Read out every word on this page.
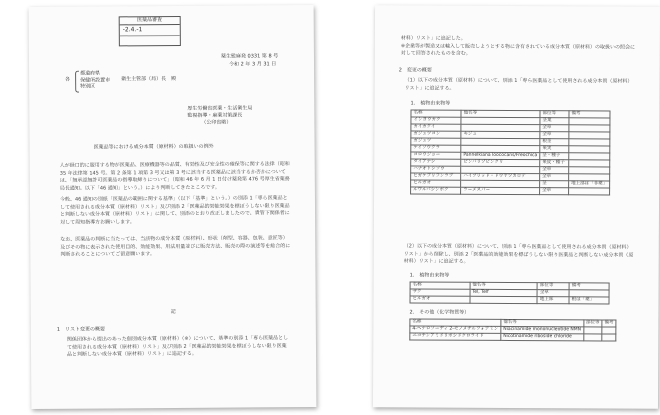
医薬品審査
-2.4.-1
薬生監麻発 0331 第 8 号
令和 2 年 3 月 31 日
各
都道府県
保健所設置市
特別区
衛生主管部（局）長　殿
厚生労働省医薬・生活衛生局
監視指導・麻薬対策課長
（公印省略）
医薬品等における成分本質（原材料）の取扱いの例外
人が経口的に服用する物が医薬品、医療機器等の品質、有効性及び安全性の確保等に関する法律（昭和 35 年法律第 145 号。第 2 条第 1 項第 3 号又は第 3 号に該当する医薬品に該当するか否かについては、「無承認無許可医薬品の指導取締りについて」（昭和 46 年 6 月 1 日付け薬発第 476 号厚生省薬務局長通知。以下「46 通知」という。）により判断してきたところです。
今般、46 通知の別紙「医薬品の範囲に関する基準」（以下「基準」という。）の別添 1「専ら医薬品として使用される成分本質（原材料）リスト」及び別添 2「医薬品的効能効果を標ぼうしない限り医薬品と判断しない成分本質（原材料）リスト」に関して、別添のとおり改正しましたので、貴管下関係者に対して周知指導方お願いします。
なお、医薬品の判断に当たっては、当該物の成分本質（原材料）、形状（剤型、容器、包装、意匠等）及びその物に表示された使用目的、効能効果、用法用量並びに販売方法、販売の際の演述等を総合的に判断されることについてご留意願います。
記
1　リスト変更の概要
関係団体から提出のあった個別成分本質（原材料）（※）について、基準の別添 1「専ら医薬品として使用される成分本質（原材料）リスト」及び別添 2「医薬品的効能効果を標ぼうしない限り医薬品と判断しない成分本質（原材料）リスト」に追記する。
材料）リスト」に追記した。
※企業等が製造又は輸入して販売しようとする物に含有されている成分本質（原材料）の取扱いの照会に対して回答されたものを含む。
2　変更の概要
（1）以下の成分本質（原材料）について、別添 1「専ら医薬品として使用される成分本質（原材料）リスト」に追記する。
1.　植物由来物等
名称	他名等	部位等	備考
インヨウカク		茎葉	
カイカクイ		全草	
ガジュツコン	キジュ	全草	
ガジュツ		根茎	
ケイソウクラ		果実	
コロウジョー	Pannelkiana loococans/Freochica	茎・種子	
ダイアナシ	ピンバリゾビンクリ	果皮・種子	
ハナオトシソウ		全草	
ヒガケブリフンラブ	ハイブリッド・ドウヤツカロテ	全草	
ヒルガオ		茎	地上部は「非薬」
ルワルバシンボク	ラーメスバー	全草	
（2）以下の成分本質（原材料）について、別添 1「専ら医薬品として使用される成分本質（原材料）リスト」から削除し、別添 2「医薬品的効能効果を標ぼうしない限り医薬品と判断しない成分本質（原材料）リスト」に追記する。
1.　植物由来物等
名称	他名等	部位等	備考
ザク	Tel, Telf	全草	
ヒルガオ		地上部	根は「薬」
2.　その他（化学物質等）
名称	他名等	部位等	備考
4-ヘテロソーディ 2-モノメチルフォアミン	Niacinamide mononucleotide NMN		
ニコチンアミドリボシドクロライド	Nicotinamide riboside chloride		
